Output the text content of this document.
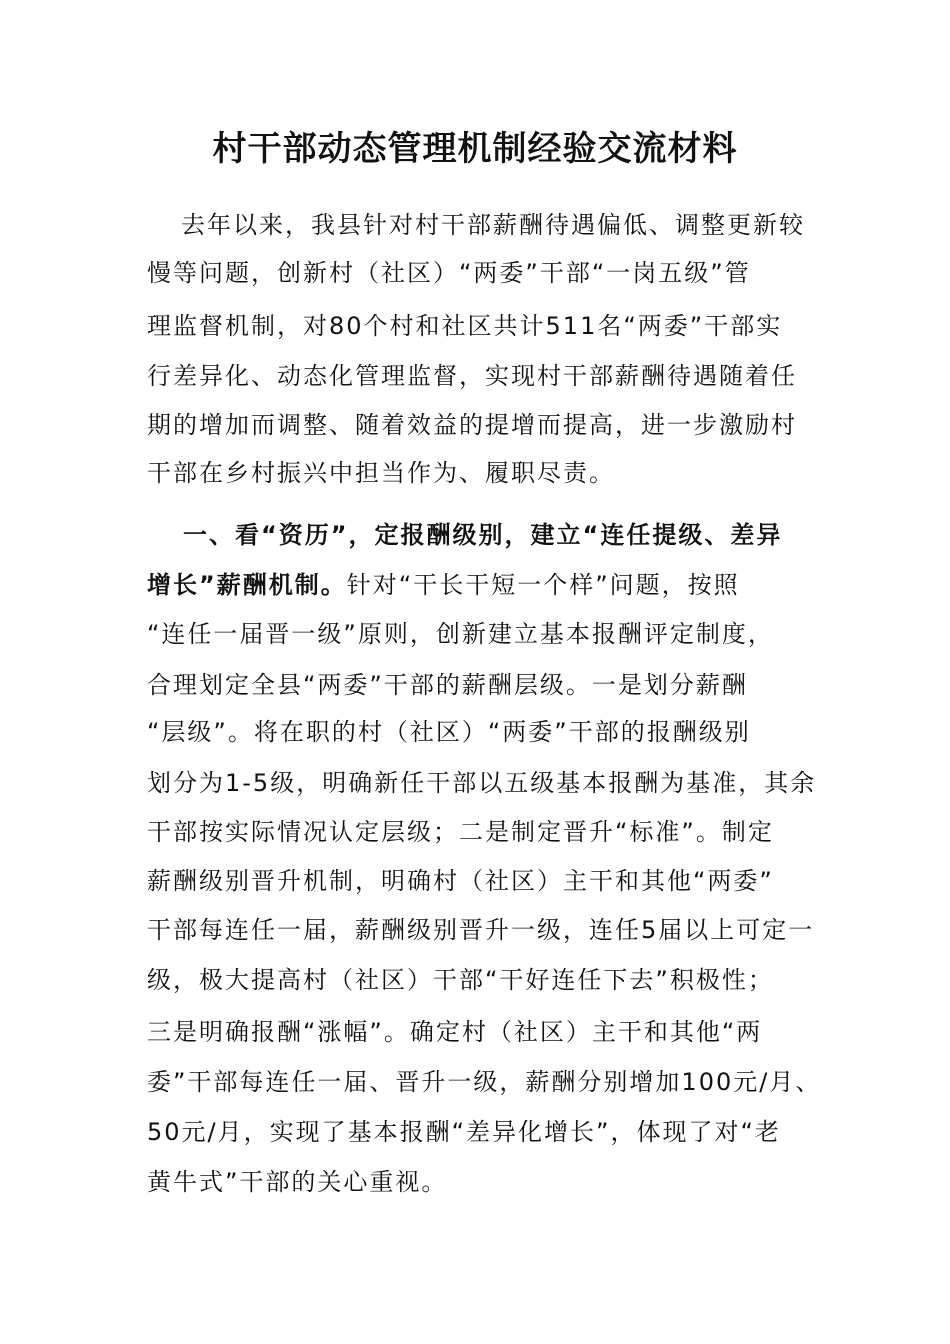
村干部动态管理机制经验交流材料
去年以来，我县针对村干部薪酬待遇偏低、调整更新较
慢等问题，创新村（社区）“两委”干部“一岗五级”管
理监督机制，对80个村和社区共计511名“两委”干部实
行差异化、动态化管理监督，实现村干部薪酬待遇随着任
期的增加而调整、随着效益的提增而提高，进一步激励村
干部在乡村振兴中担当作为、履职尽责。
一、看“资历”，定报酬级别，建立“连任提级、差异
增长”薪酬机制。针对“干长干短一个样”问题，按照
“连任一届晋一级”原则，创新建立基本报酬评定制度，
合理划定全县“两委”干部的薪酬层级。一是划分薪酬
“层级”。将在职的村（社区）“两委”干部的报酬级别
划分为1-5级，明确新任干部以五级基本报酬为基准，其余
干部按实际情况认定层级；二是制定晋升“标准”。制定
薪酬级别晋升机制，明确村（社区）主干和其他“两委”
干部每连任一届，薪酬级别晋升一级，连任5届以上可定一
级，极大提高村（社区）干部“干好连任下去”积极性；
三是明确报酬“涨幅”。确定村（社区）主干和其他“两
委”干部每连任一届、晋升一级，薪酬分别增加100元/月、
50元/月，实现了基本报酬“差异化增长”，体现了对“老
黄牛式”干部的关心重视。
